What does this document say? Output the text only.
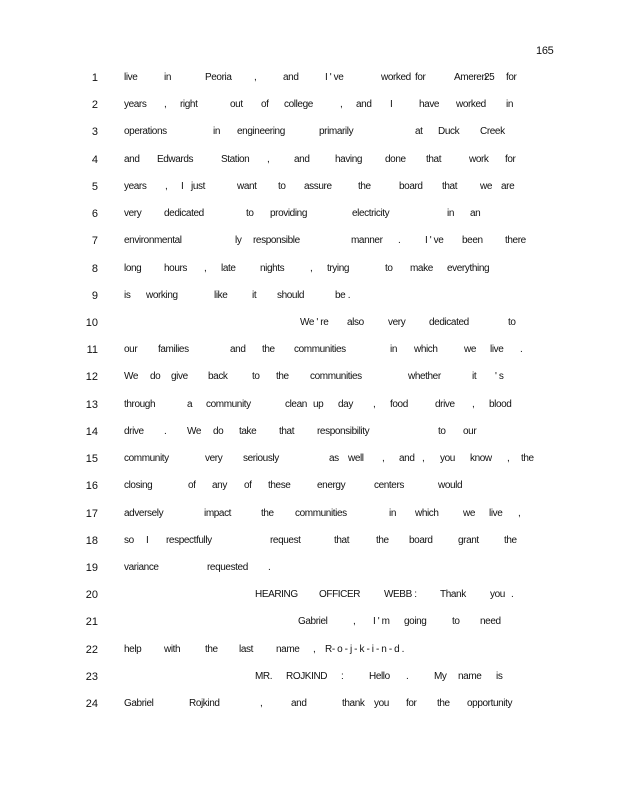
165
1	live	in	Peoria ,	and	I ' ve	worked for	Ameren for
25
2	years , right	out of college	, and I	have worked in
3	operations	in engineering	primarily	at Duck Creek
4	and Edwards	Station , and	having done that	work for
5	years , I just	want to assure	the	board that we are
6	very dedicated	to providing	electricity	in an
7	environmental	ly responsible	manner . I ' ve been there
8	long hours , late nights	, trying	to make everything
9	is working	like it should	be .
10	We ' re also very dedicated	to
11	our families	and the communities	in which	we live .
12	We do give back to the communities	whether	it ' s
13	through	a community	clean up day , food	drive , blood
14	drive . We do take that responsibility	to our
15	community	very seriously	as well , and , you know , the
16	closing	of any of these	energy	centers	would
17	adversely	impact	the communities	in which we live ,
18	so I respectfully	request	that	the board	grant	the
19	variance	requested .
20	HEARING OFFICER WEBB : Thank you .
21	Gabriel	, I ' m going	to need
22	help with the last name , R- o - j - k - i - n - d .
23	MR. ROJKIND :	Hello .	My name is
24	Gabriel	Rojkind	,	and	thank you for the opportunity
